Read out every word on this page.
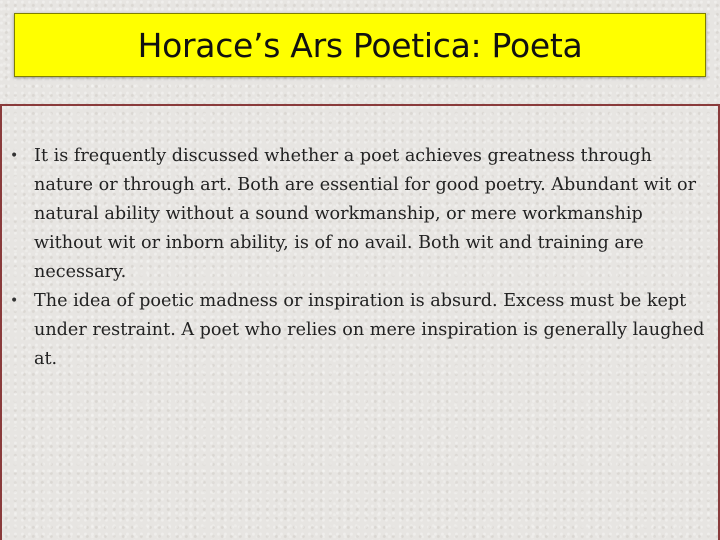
Horace’s Ars Poetica: Poeta
• It is frequently discussed whether a poet achieves greatness through nature or through art. Both are essential for good poetry. Abundant wit or natural ability without a sound workmanship, or mere workmanship without wit or inborn ability, is of no avail. Both wit and training are necessary.
• The idea of poetic madness or inspiration is absurd. Excess must be kept under restraint. A poet who relies on mere inspiration is generally laughed at.
